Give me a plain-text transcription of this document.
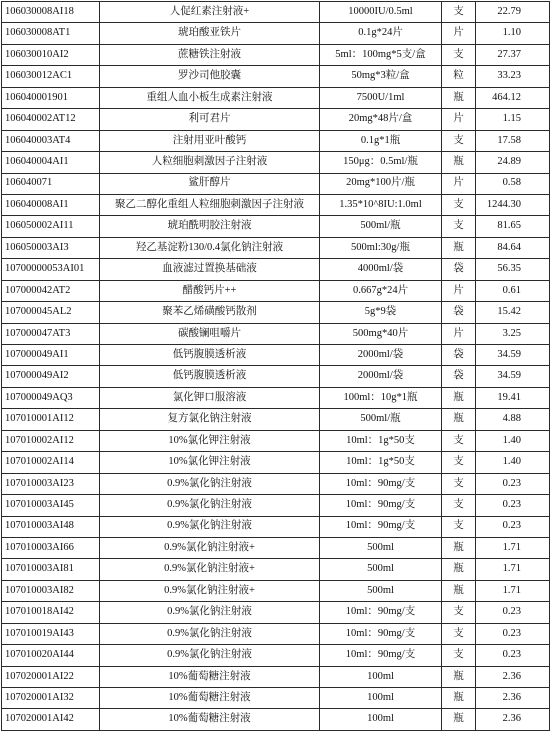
106030008AI18	人促红素注射液+	10000IU/0.5ml	支	22.79
106030008AT1	琥珀酸亚铁片	0.1g*24片	片	1.10
106030010AI2	蔗糖铁注射液	5ml：100mg*5支/盒	支	27.37
106030012AC1	罗沙司他胶囊	50mg*3粒/盒	粒	33.23
106040001901	重组人血小板生成素注射液	7500U/1ml	瓶	464.12
106040002AT12	利可君片	20mg*48片/盒	片	1.15
106040003AT4	注射用亚叶酸钙	0.1g*1瓶	支	17.58
106040004AI1	人粒细胞刺激因子注射液	150μg：0.5ml/瓶	瓶	24.89
106040071	鲨肝醇片	20mg*100片/瓶	片	0.58
106040008AI1	聚乙二醇化重组人粒细胞刺激因子注射液	1.35*10^8IU:1.0ml	支	1244.30
106050002AI11	琥珀酰明胶注射液	500ml/瓶	支	81.65
106050003AI3	羟乙基淀粉130/0.4氯化钠注射液	500ml:30g/瓶	瓶	84.64
10700000053AI01	血液滤过置换基础液	4000ml/袋	袋	56.35
107000042AT2	醋酸钙片++	0.667g*24片	片	0.61
107000045AL2	聚苯乙烯磺酸钙散剂	5g*9袋	袋	15.42
107000047AT3	碳酸镧咀嚼片	500mg*40片	片	3.25
107000049AI1	低钙腹膜透析液	2000ml/袋	袋	34.59
107000049AI2	低钙腹膜透析液	2000ml/袋	袋	34.59
107000049AQ3	氯化钾口服溶液	100ml：10g*1瓶	瓶	19.41
107010001AI12	复方氯化钠注射液	500ml/瓶	瓶	4.88
107010002AI12	10%氯化钾注射液	10ml：1g*50支	支	1.40
107010002AI14	10%氯化钾注射液	10ml：1g*50支	支	1.40
107010003AI23	0.9%氯化钠注射液	10ml：90mg/支	支	0.23
107010003AI45	0.9%氯化钠注射液	10ml：90mg/支	支	0.23
107010003AI48	0.9%氯化钠注射液	10ml：90mg/支	支	0.23
107010003AI66	0.9%氯化钠注射液+	500ml	瓶	1.71
107010003AI81	0.9%氯化钠注射液+	500ml	瓶	1.71
107010003AI82	0.9%氯化钠注射液+	500ml	瓶	1.71
107010018AI42	0.9%氯化钠注射液	10ml：90mg/支	支	0.23
107010019AI43	0.9%氯化钠注射液	10ml：90mg/支	支	0.23
107010020AI44	0.9%氯化钠注射液	10ml：90mg/支	支	0.23
107020001AI22	10%葡萄糖注射液	100ml	瓶	2.36
107020001AI32	10%葡萄糖注射液	100ml	瓶	2.36
107020001AI42	10%葡萄糖注射液	100ml	瓶	2.36
